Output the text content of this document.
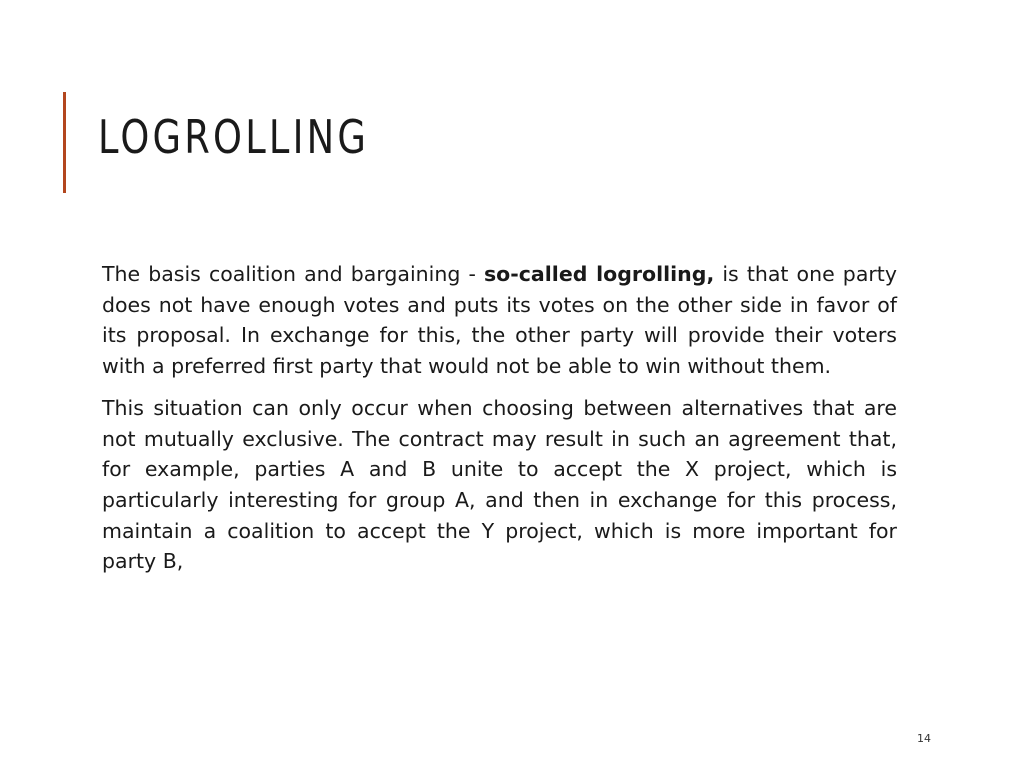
LOGROLLING

The basis coalition and bargaining - so-called logrolling, is that one party does not have enough votes and puts its votes on the other side in favor of its proposal. In exchange for this, the other party will provide their voters with a preferred first party that would not be able to win without them.

This situation can only occur when choosing between alternatives that are not mutually exclusive. The contract may result in such an agreement that, for example, parties A and B unite to accept the X project, which is particularly interesting for group A, and then in exchange for this process, maintain a coalition to accept the Y project, which is more important for party B,

14
